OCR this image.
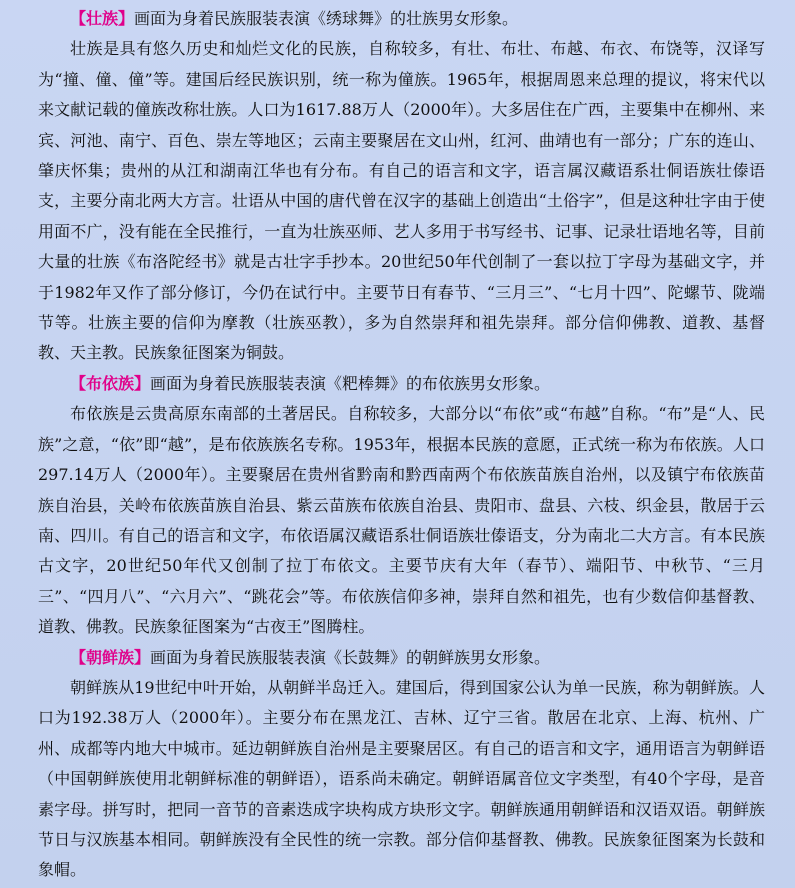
【壮族】画面为身着民族服装表演《绣球舞》的壮族男女形象。

壮族是具有悠久历史和灿烂文化的民族，自称较多，有壮、布壮、布越、布衣、布饶等，汉译写为“撞、僮、僮”等。建国后经民族识别，统一称为僮族。1965年，根据周恩来总理的提议，将宋代以来文献记载的僮族改称壮族。人口为1617.88万人（2000年）。大多居住在广西，主要集中在柳州、来宾、河池、南宁、百色、崇左等地区；云南主要聚居在文山州，红河、曲靖也有一部分；广东的连山、肇庆怀集；贵州的从江和湖南江华也有分布。有自己的语言和文字，语言属汉藏语系壮侗语族壮傣语支，主要分南北两大方言。壮语从中国的唐代曾在汉字的基础上创造出“土俗字”，但是这种壮字由于使用面不广，没有能在全民推行，一直为壮族巫师、艺人多用于书写经书、记事、记录壮语地名等，目前大量的壮族《布洛陀经书》就是古壮字手抄本。20世纪50年代创制了一套以拉丁字母为基础文字，并于1982年又作了部分修订，今仍在试行中。主要节日有春节、“三月三”、“七月十四”、陀螺节、陇端节等。壮族主要的信仰为摩教（壮族巫教），多为自然崇拜和祖先崇拜。部分信仰佛教、道教、基督教、天主教。民族象征图案为铜鼓。

【布依族】画面为身着民族服装表演《粑棒舞》的布依族男女形象。

布依族是云贵高原东南部的土著居民。自称较多，大部分以“布依”或“布越”自称。“布”是“人、民族”之意，“依”即“越”，是布依族族名专称。1953年，根据本民族的意愿，正式统一称为布依族。人口297.14万人（2000年）。主要聚居在贵州省黔南和黔西南两个布依族苗族自治州，以及镇宁布依族苗族自治县，关岭布依族苗族自治县、紫云苗族布依族自治县、贵阳市、盘县、六枝、织金县，散居于云南、四川。有自己的语言和文字，布依语属汉藏语系壮侗语族壮傣语支，分为南北二大方言。有本民族古文字，20世纪50年代又创制了拉丁布依文。主要节庆有大年（春节）、端阳节、中秋节、“三月三”、“四月八”、“六月六”、“跳花会”等。布依族信仰多神，崇拜自然和祖先，也有少数信仰基督教、道教、佛教。民族象征图案为“古夜王”图腾柱。

【朝鲜族】画面为身着民族服装表演《长鼓舞》的朝鲜族男女形象。

朝鲜族从19世纪中叶开始，从朝鲜半岛迁入。建国后，得到国家公认为单一民族，称为朝鲜族。人口为192.38万人（2000年）。主要分布在黑龙江、吉林、辽宁三省。散居在北京、上海、杭州、广州、成都等内地大中城市。延边朝鲜族自治州是主要聚居区。有自己的语言和文字，通用语言为朝鲜语（中国朝鲜族使用北朝鲜标准的朝鲜语），语系尚未确定。朝鲜语属音位文字类型，有40个字母，是音素字母。拼写时，把同一音节的音素迭成字块构成方块形文字。朝鲜族通用朝鲜语和汉语双语。朝鲜族节日与汉族基本相同。朝鲜族没有全民性的统一宗教。部分信仰基督教、佛教。民族象征图案为长鼓和象帽。
